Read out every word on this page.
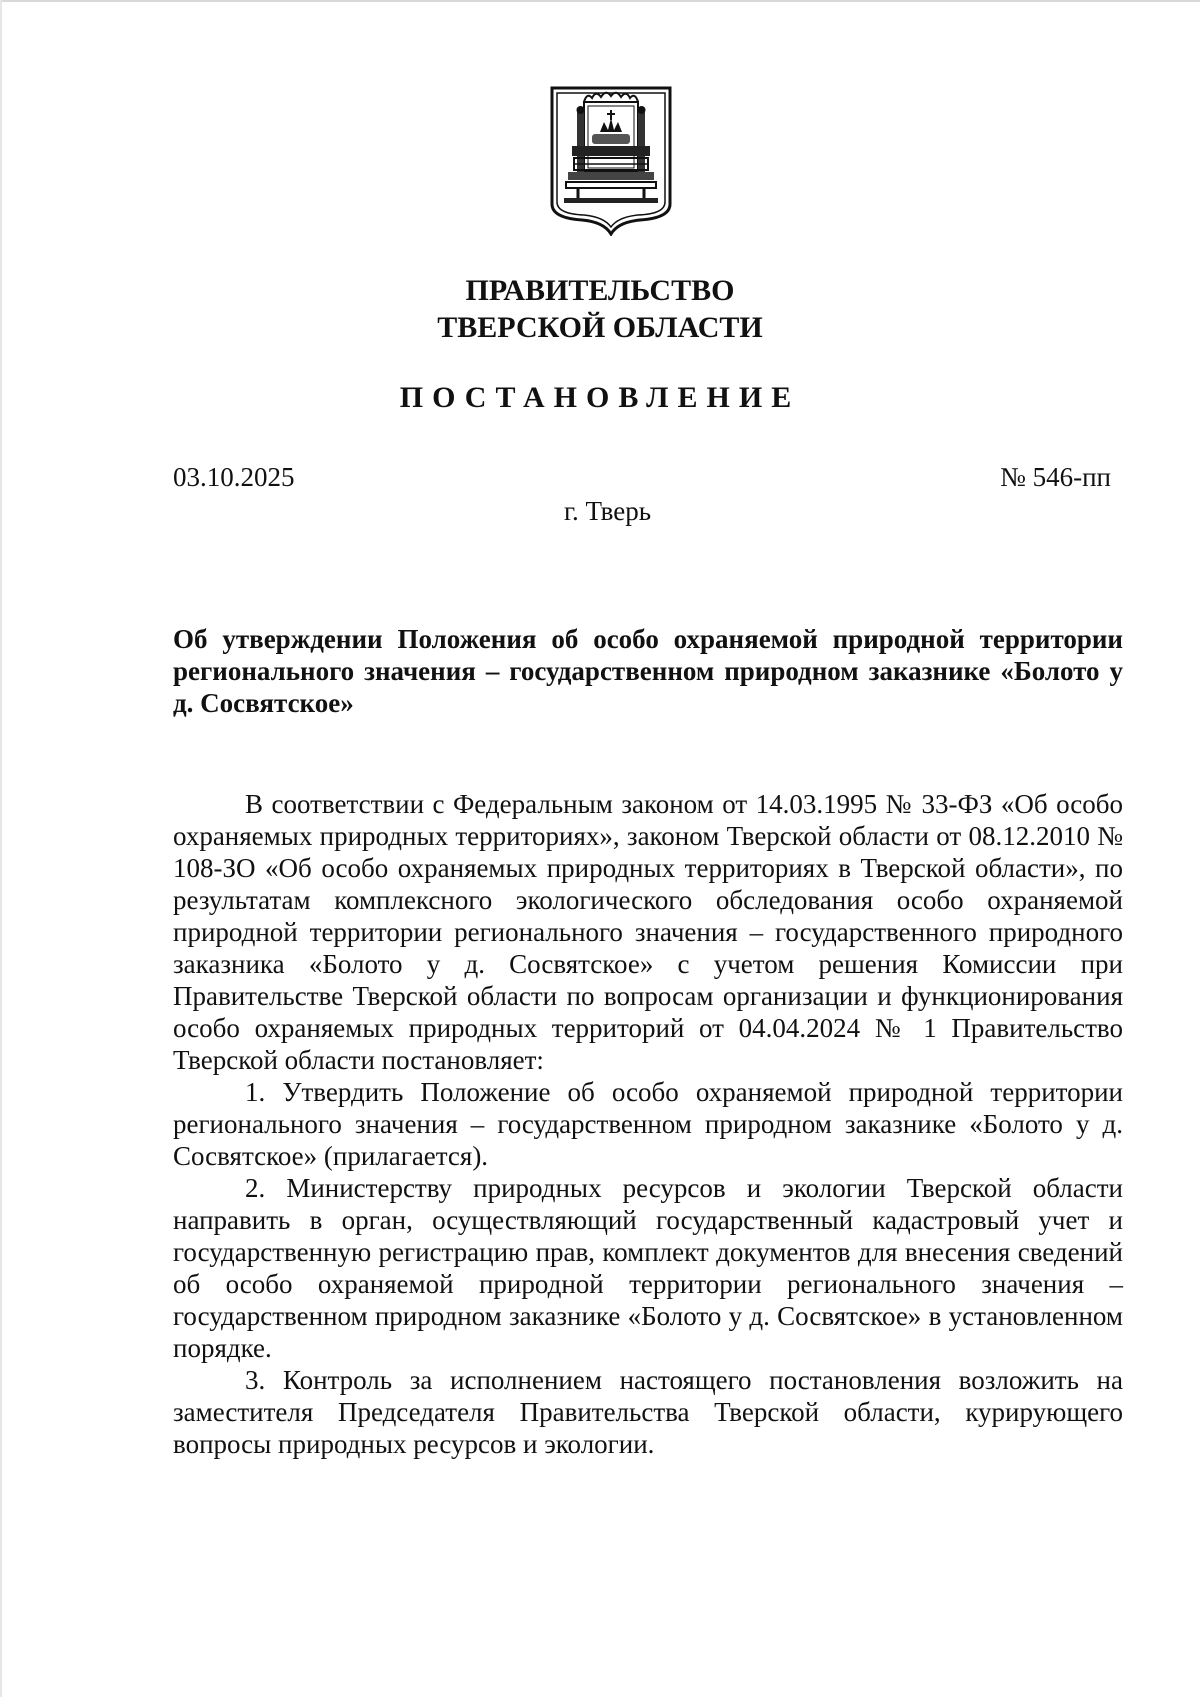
ПРАВИТЕЛЬСТВО
ТВЕРСКОЙ ОБЛАСТИ
ПОСТАНОВЛЕНИЕ
03.10.2025	№ 546-пп
г. Тверь

Об утверждении Положения об особо охраняемой природной территории регионального значения – государственном природном заказнике «Болото у д. Сосвятское»

В соответствии с Федеральным законом от 14.03.1995 № 33-ФЗ «Об особо охраняемых природных территориях», законом Тверской области от 08.12.2010 № 108-ЗО «Об особо охраняемых природных территориях в Тверской области», по результатам комплексного экологического обследования особо охраняемой природной территории регионального значения – государственного природного заказника «Болото у д. Сосвятское» с учетом решения Комиссии при Правительстве Тверской области по вопросам организации и функционирования особо охраняемых природных территорий от 04.04.2024 № 1 Правительство Тверской области постановляет:

1. Утвердить Положение об особо охраняемой природной территории регионального значения – государственном природном заказнике «Болото у д. Сосвятское» (прилагается).

2. Министерству природных ресурсов и экологии Тверской области направить в орган, осуществляющий государственный кадастровый учет и государственную регистрацию прав, комплект документов для внесения сведений об особо охраняемой природной территории регионального значения – государственном природном заказнике «Болото у д. Сосвятское» в установленном порядке.

3. Контроль за исполнением настоящего постановления возложить на заместителя Председателя Правительства Тверской области, курирующего вопросы природных ресурсов и экологии.
